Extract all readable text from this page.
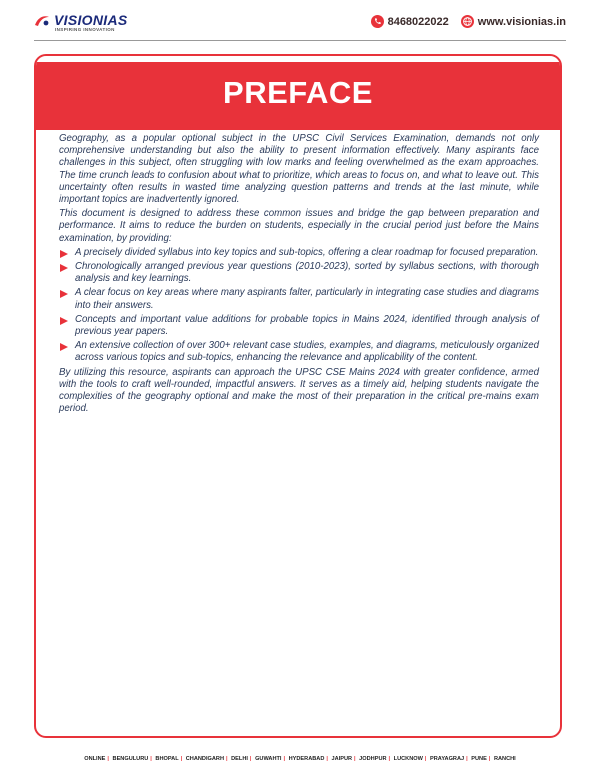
VISIONIAS
INSPIRING INNOVATION
8468022022	www.visionias.in
PREFACE

Geography, as a popular optional subject in the UPSC Civil Services Examination, demands not only comprehensive understanding but also the ability to present information effectively. Many aspirants face challenges in this subject, often struggling with low marks and feeling overwhelmed as the exam approaches. The time crunch leads to confusion about what to prioritize, which areas to focus on, and what to leave out. This uncertainty often results in wasted time analyzing question patterns and trends at the last minute, while important topics are inadvertently ignored.

This document is designed to address these common issues and bridge the gap between preparation and performance. It aims to reduce the burden on students, especially in the crucial period just before the Mains examination, by providing:

A precisely divided syllabus into key topics and sub-topics, offering a clear roadmap for focused preparation.
Chronologically arranged previous year questions (2010-2023), sorted by syllabus sections, with thorough analysis and key learnings.
A clear focus on key areas where many aspirants falter, particularly in integrating case studies and diagrams into their answers.
Concepts and important value additions for probable topics in Mains 2024, identified through analysis of previous year papers.
An extensive collection of over 300+ relevant case studies, examples, and diagrams, meticulously organized across various topics and sub-topics, enhancing the relevance and applicability of the content.

By utilizing this resource, aspirants can approach the UPSC CSE Mains 2024 with greater confidence, armed with the tools to craft well-rounded, impactful answers. It serves as a timely aid, helping students navigate the complexities of the geography optional and make the most of their preparation in the critical pre-mains exam period.

ONLINE | BENGULURU | BHOPAL | CHANDIGARH | DELHI | GUWAHTI | HYDERABAD | JAIPUR | JODHPUR | LUCKNOW | PRAYAGRAJ | PUNE | RANCHI
